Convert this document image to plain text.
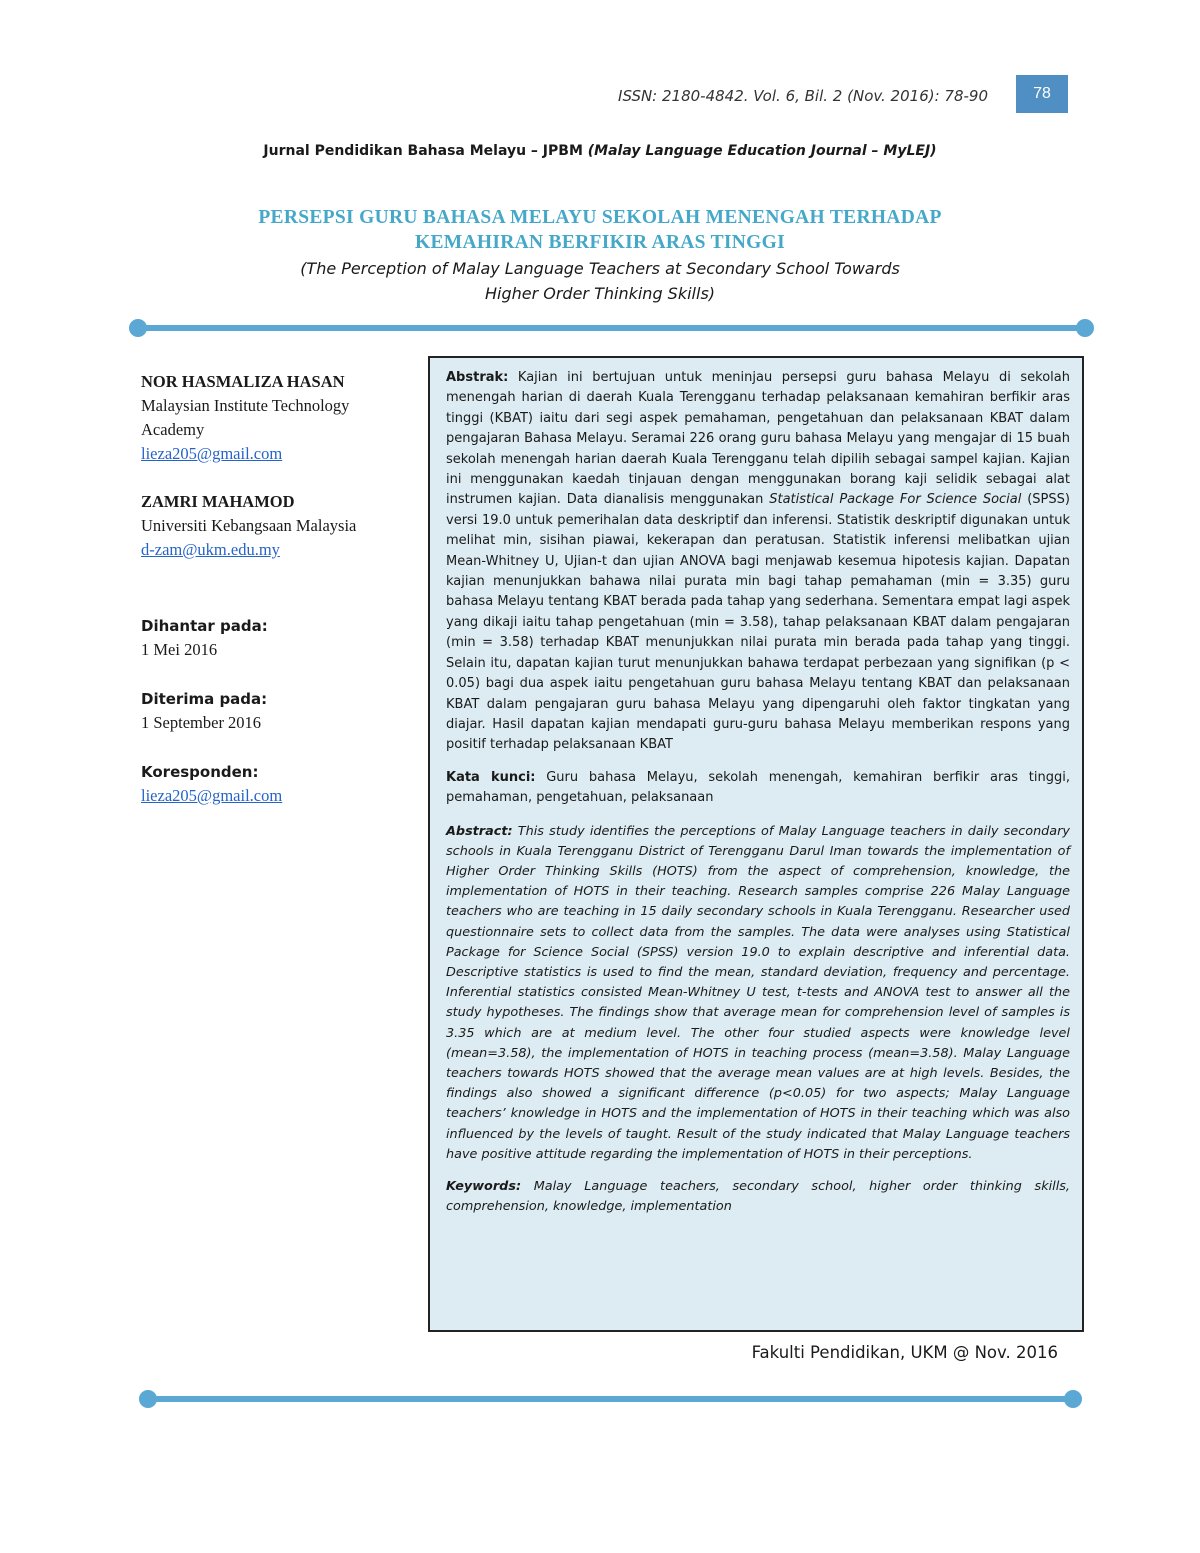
ISSN: 2180-4842. Vol. 6, Bil. 2 (Nov. 2016): 78-90	78
Jurnal Pendidikan Bahasa Melayu – JPBM (Malay Language Education Journal – MyLEJ)
PERSEPSI GURU BAHASA MELAYU SEKOLAH MENENGAH TERHADAP
KEMAHIRAN BERFIKIR ARAS TINGGI
(The Perception of Malay Language Teachers at Secondary School Towards
Higher Order Thinking Skills)
NOR HASMALIZA HASAN
Malaysian Institute Technology
Academy
lieza205@gmail.com
ZAMRI MAHAMOD
Universiti Kebangsaan Malaysia
d-zam@ukm.edu.my
Dihantar pada:
1 Mei 2016
Diterima pada:
1 September 2016
Koresponden:
lieza205@gmail.com

Abstrak: Kajian ini bertujuan untuk meninjau persepsi guru bahasa Melayu di sekolah menengah harian di daerah Kuala Terengganu terhadap pelaksanaan kemahiran berfikir aras tinggi (KBAT) iaitu dari segi aspek pemahaman, pengetahuan dan pelaksanaan KBAT dalam pengajaran Bahasa Melayu. Seramai 226 orang guru bahasa Melayu yang mengajar di 15 buah sekolah menengah harian daerah Kuala Terengganu telah dipilih sebagai sampel kajian. Kajian ini menggunakan kaedah tinjauan dengan menggunakan borang kaji selidik sebagai alat instrumen kajian. Data dianalisis menggunakan Statistical Package For Science Social (SPSS) versi 19.0 untuk pemerihalan data deskriptif dan inferensi. Statistik deskriptif digunakan untuk melihat min, sisihan piawai, kekerapan dan peratusan. Statistik inferensi melibatkan ujian Mean-Whitney U, Ujian-t dan ujian ANOVA bagi menjawab kesemua hipotesis kajian. Dapatan kajian menunjukkan bahawa nilai purata min bagi tahap pemahaman (min = 3.35) guru bahasa Melayu tentang KBAT berada pada tahap yang sederhana. Sementara empat lagi aspek yang dikaji iaitu tahap pengetahuan (min = 3.58), tahap pelaksanaan KBAT dalam pengajaran (min = 3.58) terhadap KBAT menunjukkan nilai purata min berada pada tahap yang tinggi. Selain itu, dapatan kajian turut menunjukkan bahawa terdapat perbezaan yang signifikan (p < 0.05) bagi dua aspek iaitu pengetahuan guru bahasa Melayu tentang KBAT dan pelaksanaan KBAT dalam pengajaran guru bahasa Melayu yang dipengaruhi oleh faktor tingkatan yang diajar. Hasil dapatan kajian mendapati guru-guru bahasa Melayu memberikan respons yang positif terhadap pelaksanaan KBAT

Kata kunci: Guru bahasa Melayu, sekolah menengah, kemahiran berfikir aras tinggi, pemahaman, pengetahuan, pelaksanaan

Abstract: This study identifies the perceptions of Malay Language teachers in daily secondary schools in Kuala Terengganu District of Terengganu Darul Iman towards the implementation of Higher Order Thinking Skills (HOTS) from the aspect of comprehension, knowledge, the implementation of HOTS in their teaching. Research samples comprise 226 Malay Language teachers who are teaching in 15 daily secondary schools in Kuala Terengganu. Researcher used questionnaire sets to collect data from the samples. The data were analyses using Statistical Package for Science Social (SPSS) version 19.0 to explain descriptive and inferential data. Descriptive statistics is used to find the mean, standard deviation, frequency and percentage. Inferential statistics consisted Mean-Whitney U test, t-tests and ANOVA test to answer all the study hypotheses. The findings show that average mean for comprehension level of samples is 3.35 which are at medium level. The other four studied aspects were knowledge level (mean=3.58), the implementation of HOTS in teaching process (mean=3.58). Malay Language teachers towards HOTS showed that the average mean values are at high levels. Besides, the findings also showed a significant difference (p<0.05) for two aspects; Malay Language teachers’ knowledge in HOTS and the implementation of HOTS in their teaching which was also influenced by the levels of taught. Result of the study indicated that Malay Language teachers have positive attitude regarding the implementation of HOTS in their perceptions.

Keywords: Malay Language teachers, secondary school, higher order thinking skills, comprehension, knowledge, implementation

Fakulti Pendidikan, UKM @ Nov. 2016
